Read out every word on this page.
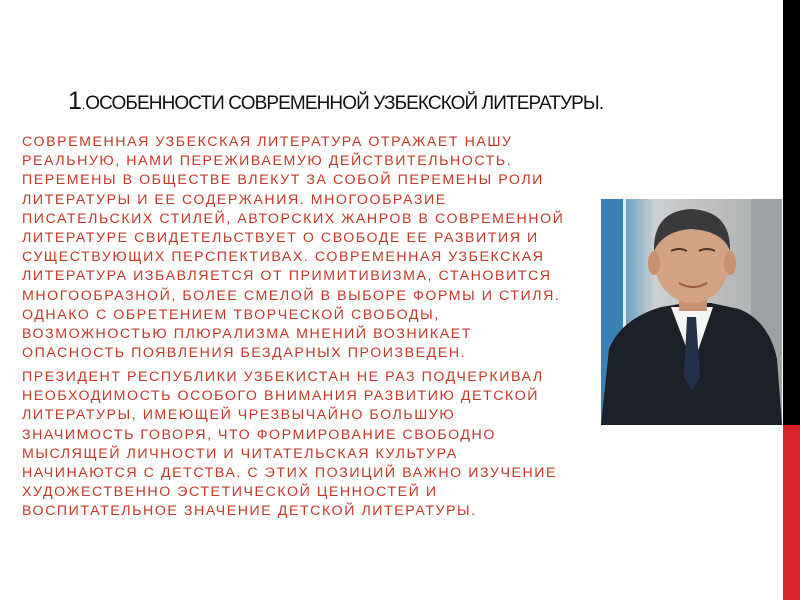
1.ОСОБЕННОСТИ СОВРЕМЕННОЙ УЗБЕКСКОЙ ЛИТЕРАТУРЫ.

СОВРЕМЕННАЯ УЗБЕКСКАЯ ЛИТЕРАТУРА ОТРАЖАЕТ НАШУ
РЕАЛЬНУЮ, НАМИ ПЕРЕЖИВАЕМУЮ ДЕЙСТВИТЕЛЬНОСТЬ.
ПЕРЕМЕНЫ В ОБЩЕСТВЕ ВЛЕКУТ ЗА СОБОЙ ПЕРЕМЕНЫ РОЛИ
ЛИТЕРАТУРЫ И ЕЕ СОДЕРЖАНИЯ. МНОГООБРАЗИЕ
ПИСАТЕЛЬСКИХ СТИЛЕЙ, АВТОРСКИХ ЖАНРОВ В СОВРЕМЕННОЙ
ЛИТЕРАТУРЕ СВИДЕТЕЛЬСТВУЕТ О СВОБОДЕ ЕЕ РАЗВИТИЯ И
СУЩЕСТВУЮЩИХ ПЕРСПЕКТИВАХ. СОВРЕМЕННАЯ УЗБЕКСКАЯ
ЛИТЕРАТУРА ИЗБАВЛЯЕТСЯ ОТ ПРИМИТИВИЗМА, СТАНОВИТСЯ
МНОГООБРАЗНОЙ, БОЛЕЕ СМЕЛОЙ В ВЫБОРЕ ФОРМЫ И СТИЛЯ.
ОДНАКО С ОБРЕТЕНИЕМ ТВОРЧЕСКОЙ СВОБОДЫ,
ВОЗМОЖНОСТЬЮ ПЛЮРАЛИЗМА МНЕНИЙ ВОЗНИКАЕТ
ОПАСНОСТЬ ПОЯВЛЕНИЯ БЕЗДАРНЫХ ПРОИЗВЕДЕН.

ПРЕЗИДЕНТ РЕСПУБЛИКИ УЗБЕКИСТАН НЕ РАЗ ПОДЧЕРКИВАЛ
НЕОБХОДИМОСТЬ ОСОБОГО ВНИМАНИЯ РАЗВИТИЮ ДЕТСКОЙ
ЛИТЕРАТУРЫ, ИМЕЮЩЕЙ ЧРЕЗВЫЧАЙНО БОЛЬШУЮ
ЗНАЧИМОСТЬ ГОВОРЯ, ЧТО ФОРМИРОВАНИЕ СВОБОДНО
МЫСЛЯЩЕЙ ЛИЧНОСТИ И ЧИТАТЕЛЬСКАЯ КУЛЬТУРА
НАЧИНАЮТСЯ С ДЕТСТВА. С ЭТИХ ПОЗИЦИЙ ВАЖНО ИЗУЧЕНИЕ
ХУДОЖЕСТВЕННО ЭСТЕТИЧЕСКОЙ ЦЕННОСТЕЙ И
ВОСПИТАТЕЛЬНОЕ ЗНАЧЕНИЕ ДЕТСКОЙ ЛИТЕРАТУРЫ.
